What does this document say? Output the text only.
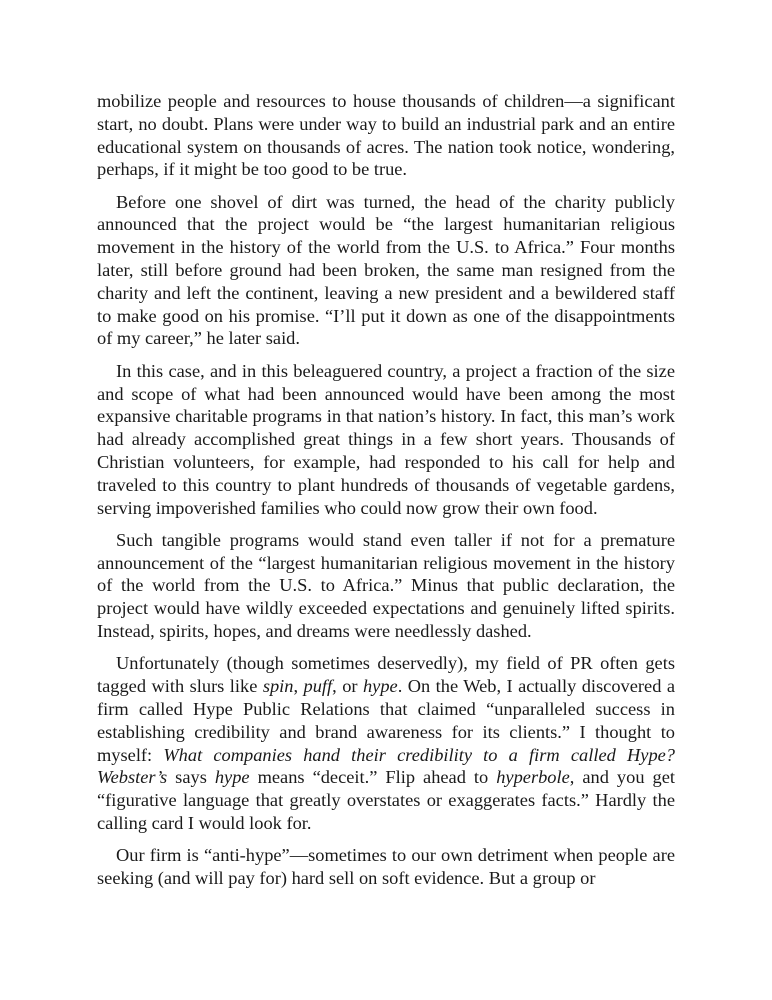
mobilize people and resources to house thousands of children—a significant start, no doubt. Plans were under way to build an industrial park and an entire educational system on thousands of acres. The nation took notice, wondering, perhaps, if it might be too good to be true.

Before one shovel of dirt was turned, the head of the charity publicly announced that the project would be “the largest humanitarian religious movement in the history of the world from the U.S. to Africa.” Four months later, still before ground had been broken, the same man resigned from the charity and left the continent, leaving a new president and a bewildered staff to make good on his promise. “I’ll put it down as one of the disappointments of my career,” he later said.

In this case, and in this beleaguered country, a project a fraction of the size and scope of what had been announced would have been among the most expansive charitable programs in that nation’s history. In fact, this man’s work had already accomplished great things in a few short years. Thousands of Christian volunteers, for example, had responded to his call for help and traveled to this country to plant hundreds of thousands of vegetable gardens, serving impoverished families who could now grow their own food.

Such tangible programs would stand even taller if not for a premature announcement of the “largest humanitarian religious movement in the history of the world from the U.S. to Africa.” Minus that public declaration, the project would have wildly exceeded expectations and genuinely lifted spirits. Instead, spirits, hopes, and dreams were needlessly dashed.

Unfortunately (though sometimes deservedly), my field of PR often gets tagged with slurs like spin, puff, or hype. On the Web, I actually discovered a firm called Hype Public Relations that claimed “unparalleled success in establishing credibility and brand awareness for its clients.” I thought to myself: What companies hand their credibility to a firm called Hype? Webster’s says hype means “deceit.” Flip ahead to hyperbole, and you get “figurative language that greatly overstates or exaggerates facts.” Hardly the calling card I would look for.

Our firm is “anti-hype”—sometimes to our own detriment when people are seeking (and will pay for) hard sell on soft evidence. But a group or
